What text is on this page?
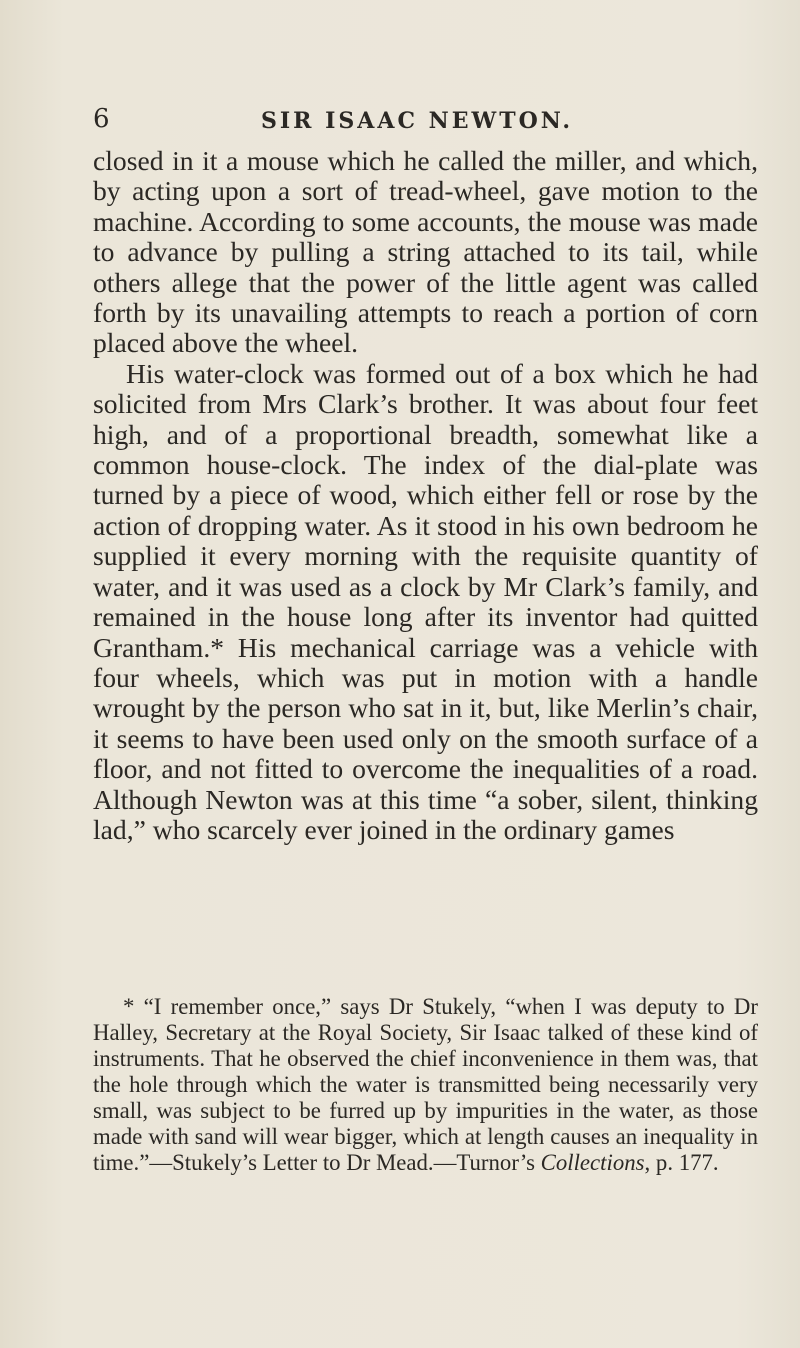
6	SIR ISAAC NEWTON.

closed in it a mouse which he called the miller, and which, by acting upon a sort of tread-wheel, gave motion to the machine. According to some accounts, the mouse was made to advance by pulling a string attached to its tail, while others allege that the power of the little agent was called forth by its unavailing attempts to reach a portion of corn placed above the wheel.

His water-clock was formed out of a box which he had solicited from Mrs Clark’s brother. It was about four feet high, and of a proportional breadth, somewhat like a common house-clock. The index of the dial-plate was turned by a piece of wood, which either fell or rose by the action of dropping water. As it stood in his own bedroom he supplied it every morning with the requisite quantity of water, and it was used as a clock by Mr Clark’s family, and remained in the house long after its inventor had quitted Grantham.* His mechanical carriage was a vehicle with four wheels, which was put in motion with a handle wrought by the person who sat in it, but, like Merlin’s chair, it seems to have been used only on the smooth surface of a floor, and not fitted to overcome the inequalities of a road. Although Newton was at this time “a sober, silent, thinking lad,” who scarcely ever joined in the ordinary games

* “I remember once,” says Dr Stukely, “when I was deputy to Dr Halley, Secretary at the Royal Society, Sir Isaac talked of these kind of instruments. That he observed the chief inconvenience in them was, that the hole through which the water is transmitted being necessarily very small, was subject to be furred up by impurities in the water, as those made with sand will wear bigger, which at length causes an inequality in time.”—Stukely’s Letter to Dr Mead.—Turnor’s Collections, p. 177.
